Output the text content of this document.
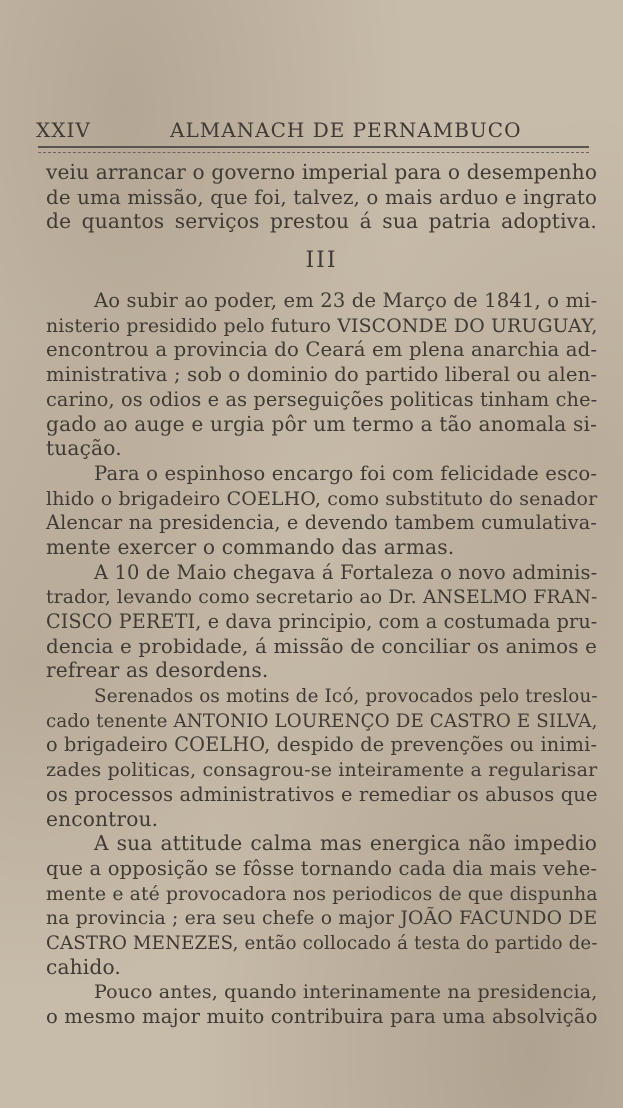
XXIV	ALMANACH DE PERNAMBUCO
veiu arrancar o governo imperial para o desempenho
de uma missão, que foi, talvez, o mais arduo e ingrato
de quantos serviços prestou á sua patria adoptiva.
III
Ao subir ao poder, em 23 de Março de 1841, o mi-
nisterio presidido pelo futuro VISCONDE DO URUGUAY,
encontrou a provincia do Ceará em plena anarchia ad-
ministrativa ; sob o dominio do partido liberal ou alen-
carino, os odios e as perseguições politicas tinham che-
gado ao auge e urgia pôr um termo a tão anomala si-
tuação.
Para o espinhoso encargo foi com felicidade esco-
lhido o brigadeiro COELHO, como substituto do senador
Alencar na presidencia, e devendo tambem cumulativa-
mente exercer o commando das armas.
A 10 de Maio chegava á Fortaleza o novo adminis-
trador, levando como secretario ao Dr. ANSELMO FRAN-
CISCO PERETI, e dava principio, com a costumada pru-
dencia e probidade, á missão de conciliar os animos e
refrear as desordens.
Serenados os motins de Icó, provocados pelo treslou-
cado tenente ANTONIO LOURENÇO DE CASTRO E SILVA,
o brigadeiro COELHO, despido de prevenções ou inimi-
zades politicas, consagrou-se inteiramente a regularisar
os processos administrativos e remediar os abusos que
encontrou.
A sua attitude calma mas energica não impedio
que a opposição se fôsse tornando cada dia mais vehe-
mente e até provocadora nos periodicos de que dispunha
na provincia ; era seu chefe o major JOÃO FACUNDO DE
CASTRO MENEZES, então collocado á testa do partido de-
cahido.
Pouco antes, quando interinamente na presidencia,
o mesmo major muito contribuira para uma absolvição
